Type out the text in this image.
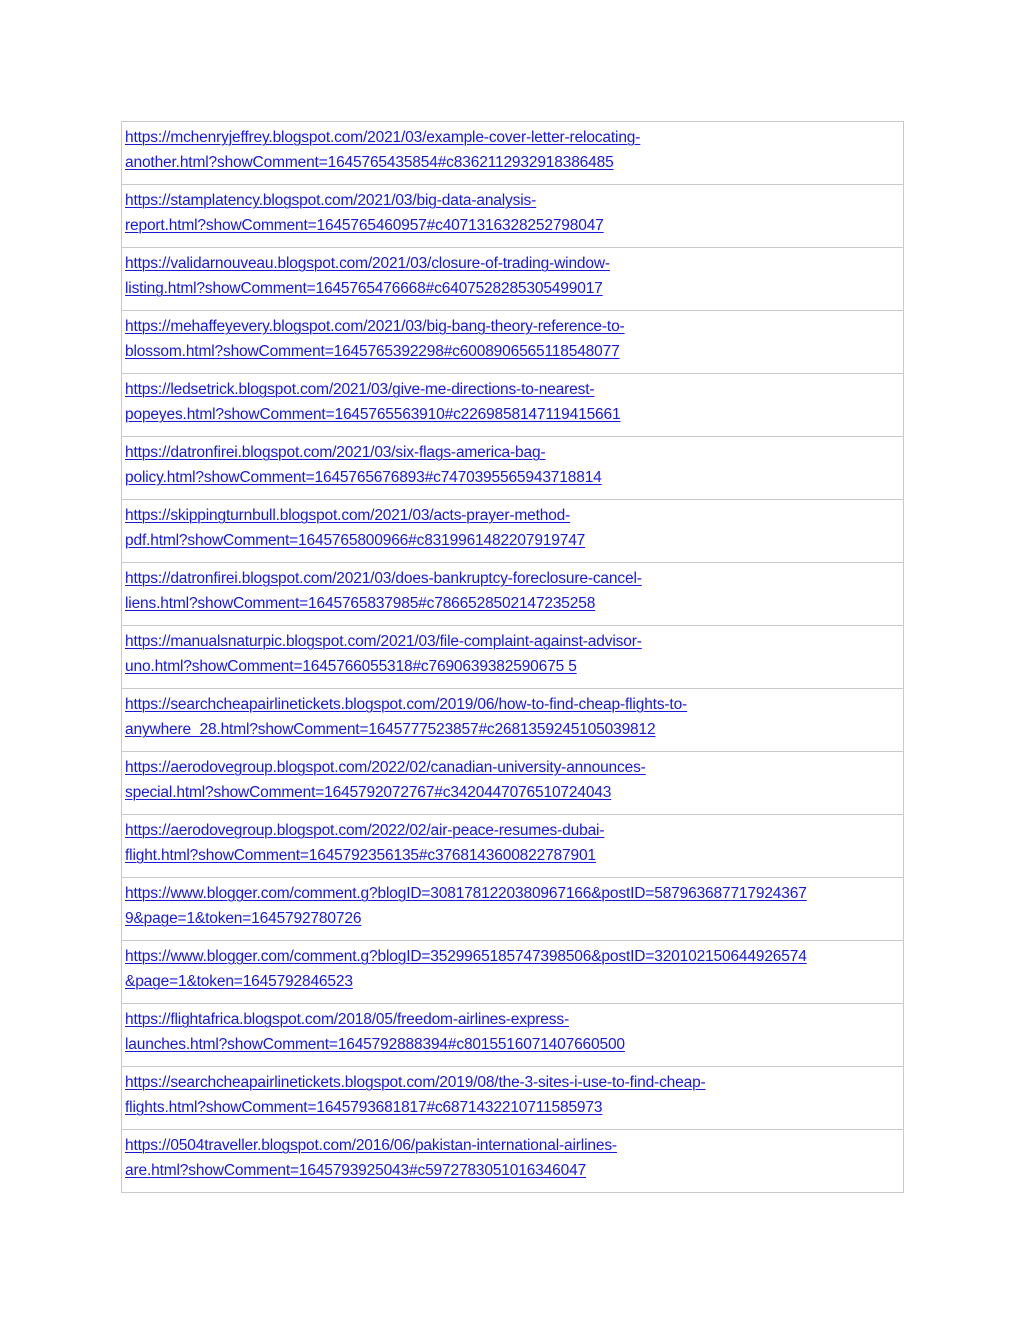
https://mchenryjeffrey.blogspot.com/2021/03/example-cover-letter-relocating-
another.html?showComment=1645765435854#c8362112932918386485

https://stamplatency.blogspot.com/2021/03/big-data-analysis-
report.html?showComment=1645765460957#c4071316328252798047

https://validarnouveau.blogspot.com/2021/03/closure-of-trading-window-
listing.html?showComment=1645765476668#c6407528285305499017

https://mehaffeyevery.blogspot.com/2021/03/big-bang-theory-reference-to-
blossom.html?showComment=1645765392298#c6008906565118548077

https://ledsetrick.blogspot.com/2021/03/give-me-directions-to-nearest-
popeyes.html?showComment=1645765563910#c2269858147119415661

https://datronfirei.blogspot.com/2021/03/six-flags-america-bag-
policy.html?showComment=1645765676893#c7470395565943718814

https://skippingturnbull.blogspot.com/2021/03/acts-prayer-method-
pdf.html?showComment=1645765800966#c8319961482207919747

https://datronfirei.blogspot.com/2021/03/does-bankruptcy-foreclosure-cancel-
liens.html?showComment=1645765837985#c7866528502147235258

https://manualsnaturpic.blogspot.com/2021/03/file-complaint-against-advisor-
uno.html?showComment=1645766055318#c7690639382590675 5

https://searchcheapairlinetickets.blogspot.com/2019/06/how-to-find-cheap-flights-to-
anywhere_28.html?showComment=1645777523857#c2681359245105039812

https://aerodovegroup.blogspot.com/2022/02/canadian-university-announces-
special.html?showComment=1645792072767#c3420447076510724043

https://aerodovegroup.blogspot.com/2022/02/air-peace-resumes-dubai-
flight.html?showComment=1645792356135#c3768143600822787901

https://www.blogger.com/comment.g?blogID=3081781220380967166&postID=587963687717924367
9&page=1&token=1645792780726

https://www.blogger.com/comment.g?blogID=3529965185747398506&postID=320102150644926574
&page=1&token=1645792846523

https://flightafrica.blogspot.com/2018/05/freedom-airlines-express-
launches.html?showComment=1645792888394#c8015516071407660500

https://searchcheapairlinetickets.blogspot.com/2019/08/the-3-sites-i-use-to-find-cheap-
flights.html?showComment=1645793681817#c6871432210711585973

https://0504traveller.blogspot.com/2016/06/pakistan-international-airlines-
are.html?showComment=1645793925043#c5972783051016346047
